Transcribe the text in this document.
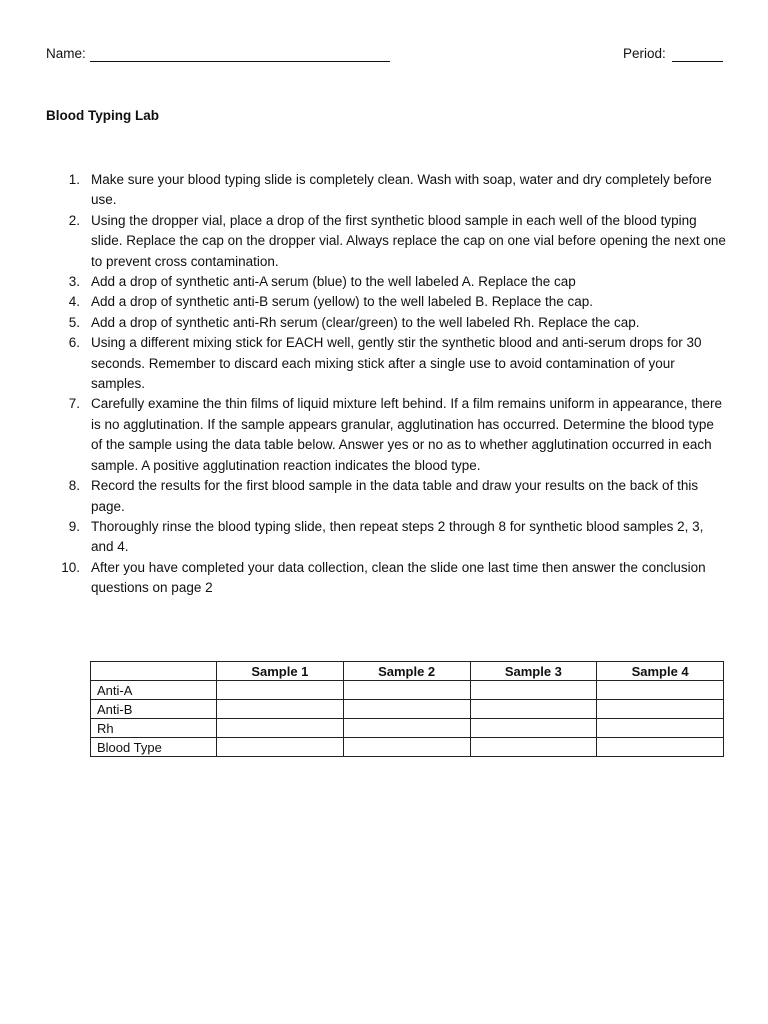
Name:	Period:
Blood Typing Lab
1. Make sure your blood typing slide is completely clean. Wash with soap, water and dry completely before use.
2. Using the dropper vial, place a drop of the first synthetic blood sample in each well of the blood typing slide. Replace the cap on the dropper vial. Always replace the cap on one vial before opening the next one to prevent cross contamination.
3. Add a drop of synthetic anti-A serum (blue) to the well labeled A. Replace the cap
4. Add a drop of synthetic anti-B serum (yellow) to the well labeled B. Replace the cap.
5. Add a drop of synthetic anti-Rh serum (clear/green) to the well labeled Rh. Replace the cap.
6. Using a different mixing stick for EACH well, gently stir the synthetic blood and anti-serum drops for 30 seconds. Remember to discard each mixing stick after a single use to avoid contamination of your samples.
7. Carefully examine the thin films of liquid mixture left behind. If a film remains uniform in appearance, there is no agglutination. If the sample appears granular, agglutination has occurred. Determine the blood type of the sample using the data table below. Answer yes or no as to whether agglutination occurred in each sample. A positive agglutination reaction indicates the blood type.
8. Record the results for the first blood sample in the data table and draw your results on the back of this page.
9. Thoroughly rinse the blood typing slide, then repeat steps 2 through 8 for synthetic blood samples 2, 3, and 4.
10. After you have completed your data collection, clean the slide one last time then answer the conclusion questions on page 2
	Sample 1	Sample 2	Sample 3	Sample 4
Anti-A				
Anti-B				
Rh				
Blood Type				
